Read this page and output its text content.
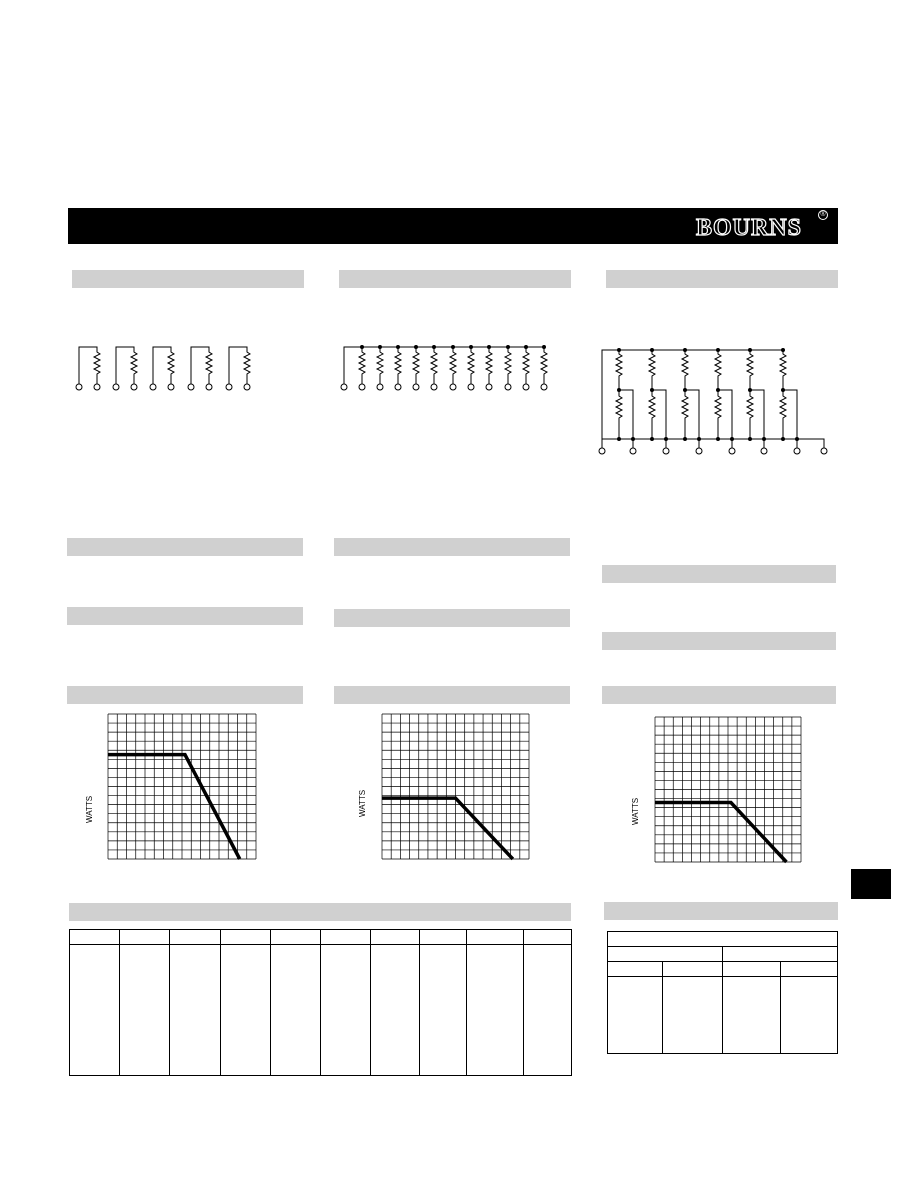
BOURNS
®
WATTS	WATTS	WATTS
